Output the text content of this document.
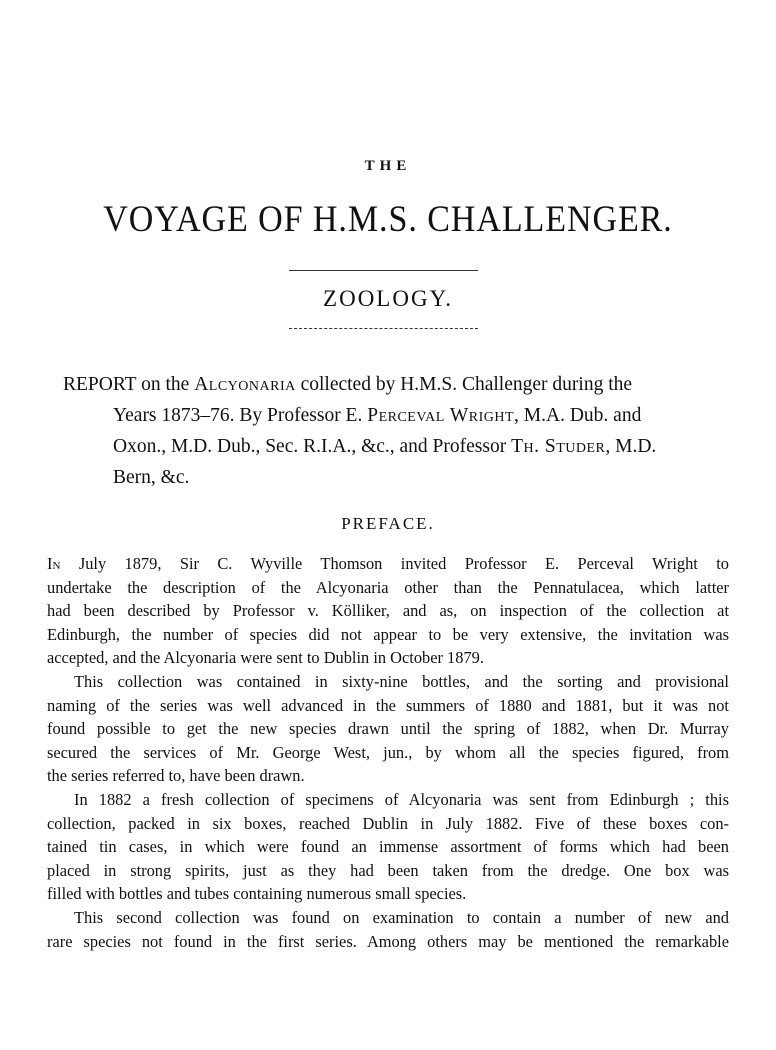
THE
VOYAGE OF H.M.S. CHALLENGER.
ZOOLOGY.
REPORT on the Alcyonaria collected by H.M.S. Challenger during the
Years 1873–76. By Professor E. Perceval Wright, M.A. Dub. and
Oxon., M.D. Dub., Sec. R.I.A., &c., and Professor Th. Studer, M.D.
Bern, &c.
PREFACE.
In July 1879, Sir C. Wyville Thomson invited Professor E. Perceval Wright to
undertake the description of the Alcyonaria other than the Pennatulacea, which latter
had been described by Professor v. Kölliker, and as, on inspection of the collection at
Edinburgh, the number of species did not appear to be very extensive, the invitation was
accepted, and the Alcyonaria were sent to Dublin in October 1879.
This collection was contained in sixty-nine bottles, and the sorting and provisional
naming of the series was well advanced in the summers of 1880 and 1881, but it was not
found possible to get the new species drawn until the spring of 1882, when Dr. Murray
secured the services of Mr. George West, jun., by whom all the species figured, from
the series referred to, have been drawn.
In 1882 a fresh collection of specimens of Alcyonaria was sent from Edinburgh ; this
collection, packed in six boxes, reached Dublin in July 1882. Five of these boxes con-
tained tin cases, in which were found an immense assortment of forms which had been
placed in strong spirits, just as they had been taken from the dredge. One box was
filled with bottles and tubes containing numerous small species.
This second collection was found on examination to contain a number of new and
rare species not found in the first series. Among others may be mentioned the remarkable
